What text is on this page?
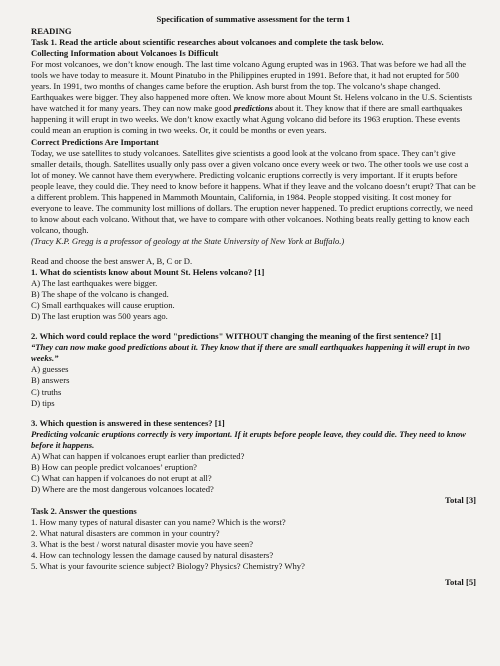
Specification of summative assessment for the term 1

READING

Task 1. Read the article about scientific researches about volcanoes and complete the task below.

Collecting Information about Volcanoes Is Difficult

For most volcanoes, we don’t know enough. The last time volcano Agung erupted was in 1963. That was before we had all the tools we have today to measure it. Mount Pinatubo in the Philippines erupted in 1991. Before that, it had not erupted for 500 years. In 1991, two months of changes came before the eruption. Ash burst from the top. The volcano’s shape changed. Earthquakes were bigger. They also happened more often. We know more about Mount St. Helens volcano in the U.S. Scientists have watched it for many years. They can now make good predictions about it. They know that if there are small earthquakes happening it will erupt in two weeks. We don’t know exactly what Agung volcano did before its 1963 eruption. These events could mean an eruption is coming in two weeks. Or, it could be months or even years.

Correct Predictions Are Important

Today, we use satellites to study volcanoes. Satellites give scientists a good look at the volcano from space. They can’t give smaller details, though. Satellites usually only pass over a given volcano once every week or two. The other tools we use cost a lot of money. We cannot have them everywhere. Predicting volcanic eruptions correctly is very important. If it erupts before people leave, they could die. They need to know before it happens. What if they leave and the volcano doesn’t erupt? That can be a different problem. This happened in Mammoth Mountain, California, in 1984. People stopped visiting. It cost money for everyone to leave. The community lost millions of dollars. The eruption never happened. To predict eruptions correctly, we need to know about each volcano. Without that, we have to compare with other volcanoes. Nothing beats really getting to know each volcano, though.

(Tracy K.P. Gregg is a professor of geology at the State University of New York at Buffalo.)

Read and choose the best answer A, B, C or D.

1. What do scientists know about Mount St. Helens volcano? [1]

A) The last earthquakes were bigger.

B) The shape of the volcano is changed.

C) Small earthquakes will cause eruption.

D) The last eruption was 500 years ago.

2. Which word could replace the word "predictions" WITHOUT changing the meaning of the first sentence? [1]

“They can now make good predictions about it. They know that if there are small earthquakes happening it will erupt in two weeks.”

A) guesses

B) answers

C) truths

D) tips

3. Which question is answered in these sentences? [1]

Predicting volcanic eruptions correctly is very important. If it erupts before people leave, they could die. They need to know before it happens.

A) What can happen if volcanoes erupt earlier than predicted?

B) How can people predict volcanoes’ eruption?

C) What can happen if volcanoes do not erupt at all?

D) Where are the most dangerous volcanoes located?

Total [3]

Task 2. Answer the questions

1. How many types of natural disaster can you name? Which is the worst?

2. What natural disasters are common in your country?

3. What is the best / worst natural disaster movie you have seen?

4. How can technology lessen the damage caused by natural disasters?

5. What is your favourite science subject? Biology? Physics? Chemistry? Why?

Total [5]
